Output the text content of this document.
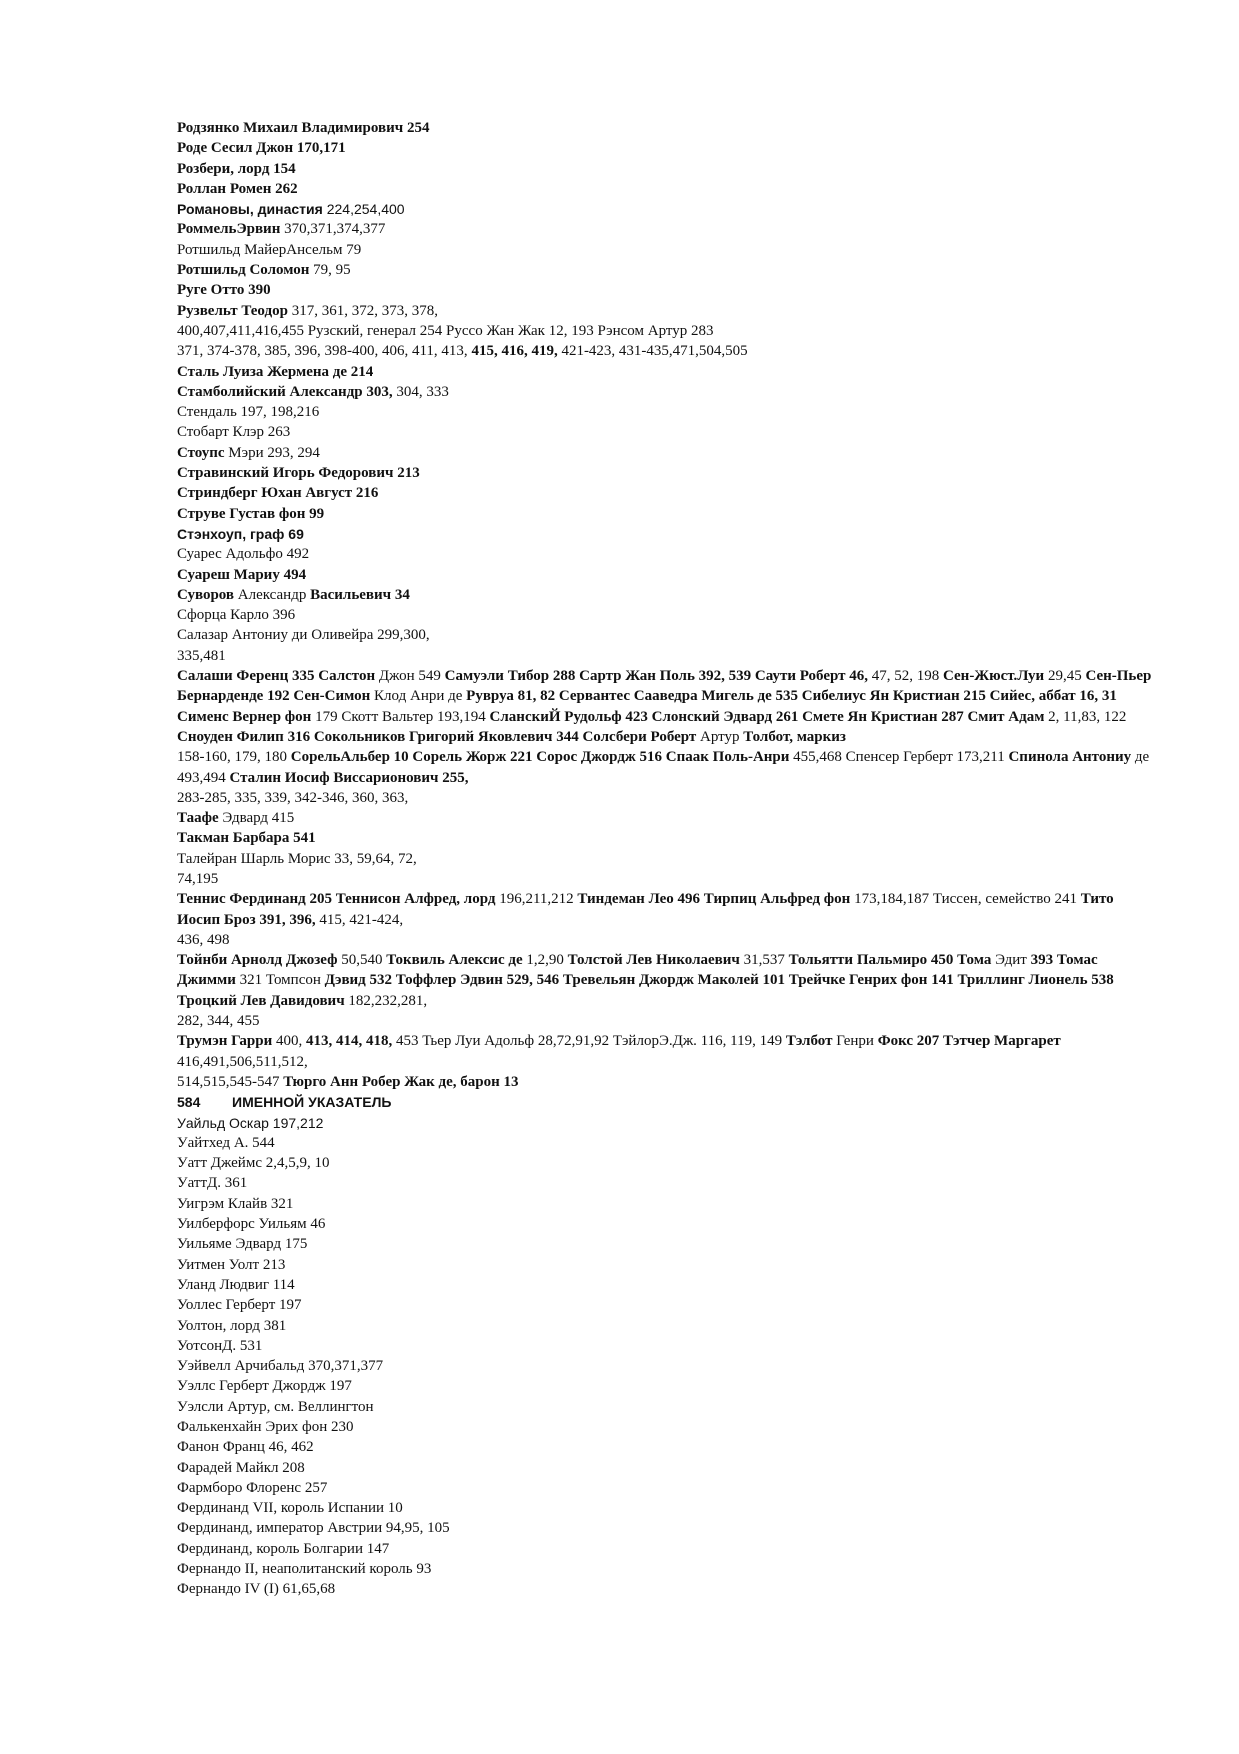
Родзянко Михаил Владимирович 254
Роде Сесил Джон 170,171
Розбери, лорд 154
Роллан Ромен 262
Романовы, династия 224,254,400
РоммельЭрвин 370,371,374,377
Ротшильд МайерАнсельм 79
Ротшильд Соломон 79, 95
Руге Отто 390
Рузвельт Теодор 317, 361, 372, 373, 378,
400,407,411,416,455 Рузский, генерал 254 Руссо Жан Жак 12, 193 Рэнсом Артур 283
371, 374-378, 385, 396, 398-400, 406, 411, 413, 415, 416, 419, 421-423, 431-435,471,504,505
Сталь Луиза Жермена де 214
Стамболийский Александр 303, 304, 333
Стендаль 197, 198,216
Стобарт Клэр 263
Стоупс Мэри 293, 294
Стравинский Игорь Федорович 213
Стриндберг Юхан Август 216
Струве Густав фон 99
Стэнхоуп, граф 69
Суарес Адольфо 492
Суареш Мариу 494
Суворов Александр Васильевич 34
Сфорца Карло 396
Салазар Антониу ди Оливейра 299,300,
335,481
Салаши Ференц 335 Салстон Джон 549 Самуэли Тибор 288 Сартр Жан Поль 392, 539 Саути Роберт 46, 47, 52, 198 Сен-Жюст.Луи 29,45 Сен-Пьер Бернарденде 192 Сен-Симон Клод Анри де Рувруа 81, 82 Сервантес Сааведра Мигель де 535 Сибелиус Ян Кристиан 215 Сийес, аббат 16, 31 Сименс Вернер фон 179 Скотт Вальтер 193,194 СланскиЙ Рудольф 423 Слонский Эдвард 261 Смете Ян Кристиан 287 Смит Адам 2, 11,83, 122 Сноуден Филип 316 Сокольников Григорий Яковлевич 344 Солсбери Роберт Артур Толбот, маркиз
158-160, 179, 180 СорельАльбер 10 Сорель Жорж 221 Сорос Джордж 516 Спаак Поль-Анри 455,468 Спенсер Герберт 173,211 Спинола Антониу де 493,494 Сталин Иосиф Виссарионович 255,
283-285, 335, 339, 342-346, 360, 363,
Таафе Эдвард 415
Такман Барбара 541
Талейран Шарль Морис 33, 59,64, 72,
74,195
Теннис Фердинанд 205 Теннисон Алфред, лорд 196,211,212 Тиндеман Лео 496 Тирпиц Альфред фон 173,184,187 Тиссен, семейство 241 Тито Иосип Броз 391, 396, 415, 421-424,
436, 498
Тойнби Арнолд Джозеф 50,540 Токвиль Алексис де 1,2,90 Толстой Лев Николаевич 31,537 Тольятти Пальмиро 450 Тома Эдит 393 Томас Джимми 321 Томпсон Дэвид 532 Тоффлер Эдвин 529, 546 Тревельян Джордж Маколей 101 Трейчке Генрих фон 141 Триллинг Лионель 538 Троцкий Лев Давидович 182,232,281,
282, 344, 455
Трумэн Гарри 400, 413, 414, 418, 453 Тьер Луи Адольф 28,72,91,92 ТэйлорЭ.Дж. 116, 119, 149 Тэлбот Генри Фокс 207 Тэтчер Маргарет 416,491,506,511,512,
514,515,545-547 Тюрго Анн Робер Жак де, барон 13
584 ИМЕННОЙ УКАЗАТЕЛЬ
Уайльд Оскар 197,212
Уайтхед А. 544
Уатт Джеймс 2,4,5,9, 10
УаттД. 361
Уигрэм Клайв 321
Уилберфорс Уильям 46
Уильяме Эдвард 175
Уитмен Уолт 213
Уланд Людвиг 114
Уоллес Герберт 197
Уолтон, лорд 381
УотсонД. 531
Уэйвелл Арчибальд 370,371,377
Уэллс Герберт Джордж 197
Уэлсли Артур, см. Веллингтон
Фалькенхайн Эрих фон 230
Фанон Франц 46, 462
Фарадей Майкл 208
Фармборо Флоренс 257
Фердинанд VII, король Испании 10
Фердинанд, император Австрии 94,95, 105
Фердинанд, король Болгарии 147
Фернандо II, неаполитанский король 93
Фернандо IV (I) 61,65,68
